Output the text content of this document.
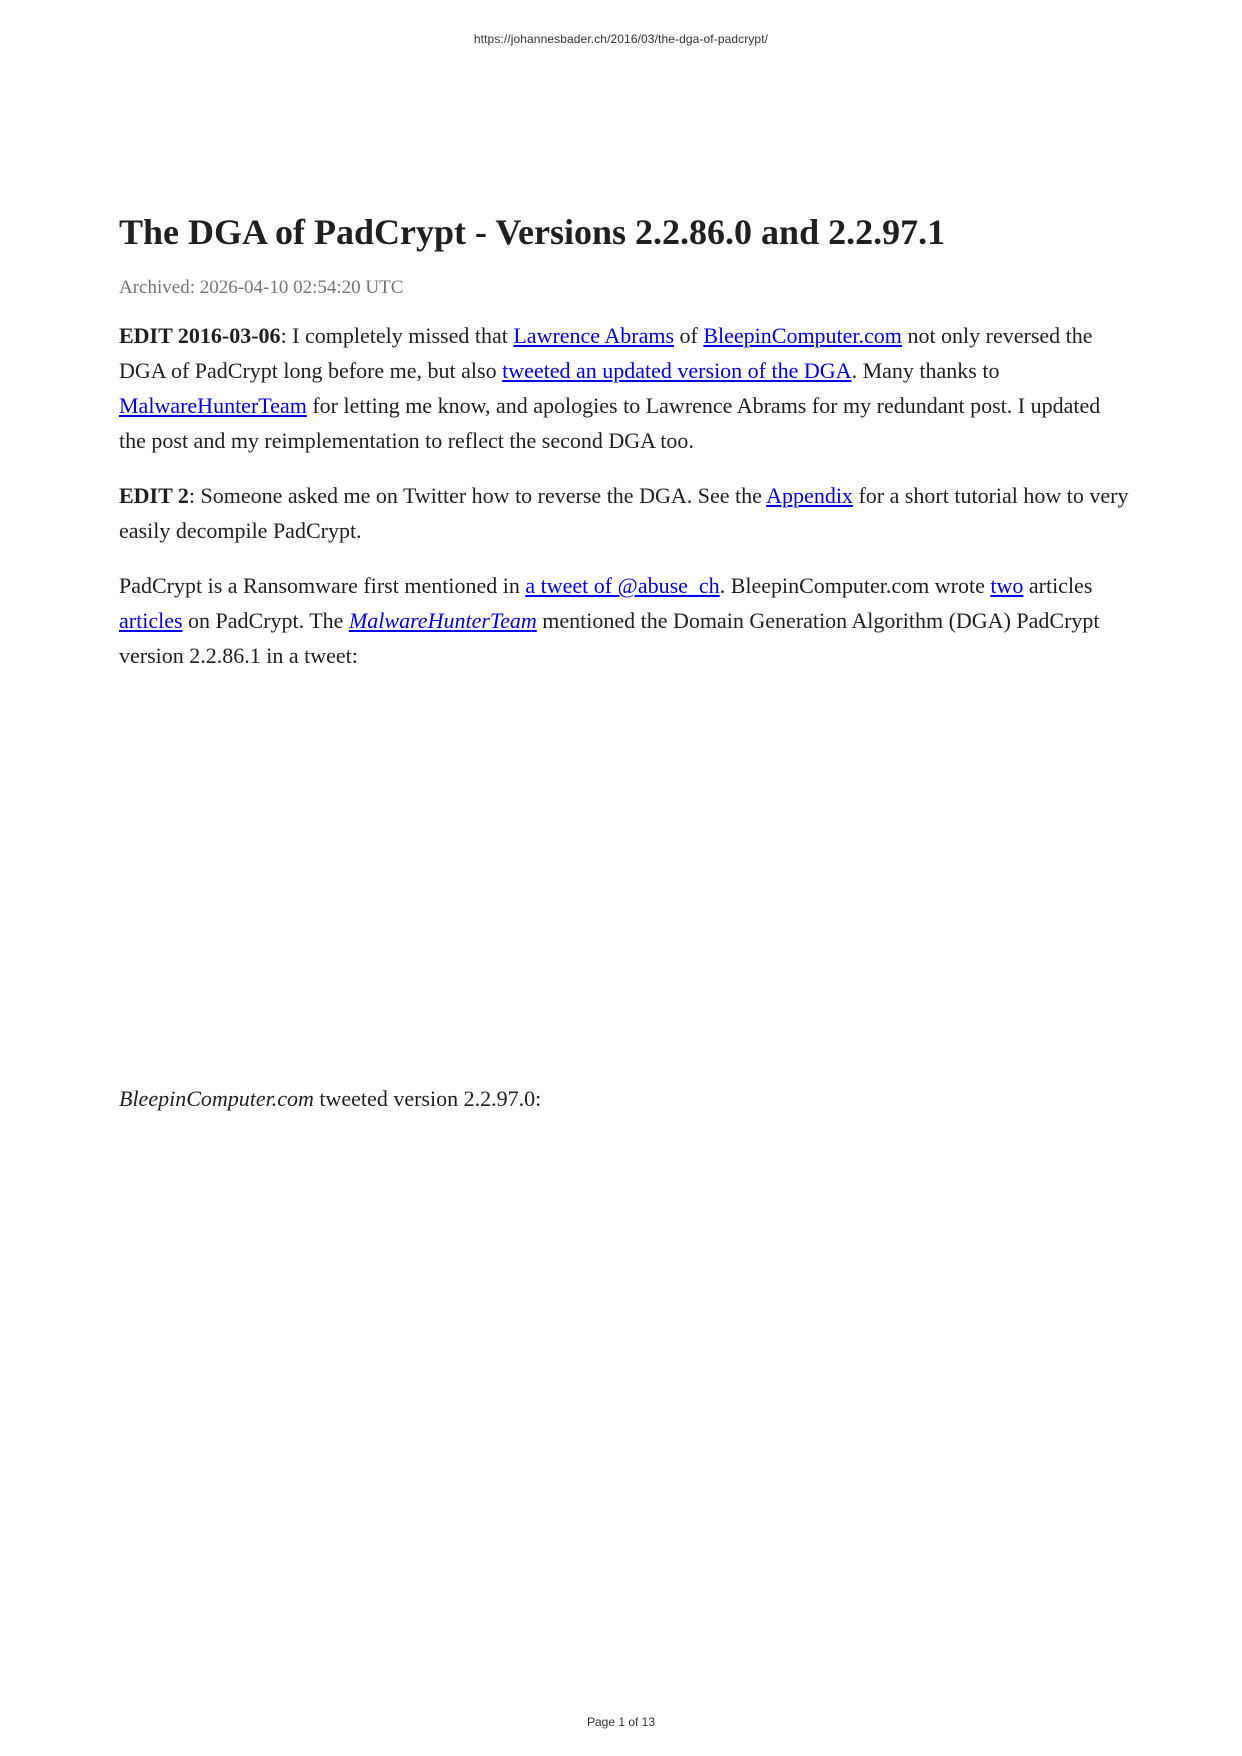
https://johannesbader.ch/2016/03/the-dga-of-padcrypt/
The DGA of PadCrypt - Versions 2.2.86.0 and 2.2.97.1
Archived: 2026-04-10 02:54:20 UTC

EDIT 2016-03-06: I completely missed that Lawrence Abrams of BleepinComputer.com not only reversed the DGA of PadCrypt long before me, but also tweeted an updated version of the DGA. Many thanks to MalwareHunterTeam for letting me know, and apologies to Lawrence Abrams for my redundant post. I updated the post and my reimplementation to reflect the second DGA too.

EDIT 2: Someone asked me on Twitter how to reverse the DGA. See the Appendix for a short tutorial how to very easily decompile PadCrypt.

PadCrypt is a Ransomware first mentioned in a tweet of @abuse_ch. BleepinComputer.com wrote two articles articles on PadCrypt. The MalwareHunterTeam mentioned the Domain Generation Algorithm (DGA) PadCrypt version 2.2.86.1 in a tweet:

BleepinComputer.com tweeted version 2.2.97.0:

Page 1 of 13
